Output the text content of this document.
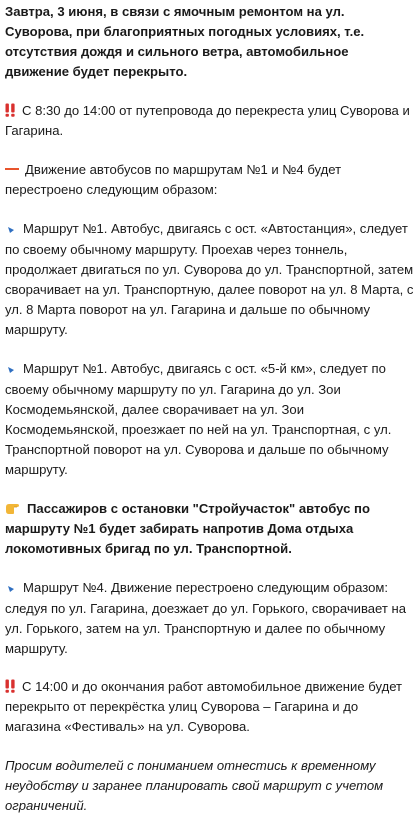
Завтра, 3 июня, в связи с ямочным ремонтом на ул. Суворова, при благоприятных погодных условиях, т.е. отсутствия дождя и сильного ветра, автомобильное движение будет перекрыто.

С 8:30 до 14:00 от путепровода до перекреста улиц Суворова и Гагарина.

Движение автобусов по маршрутам №1 и №4 будет перестроено следующим образом:

Маршрут №1. Автобус, двигаясь с ост. «Автостанция», следует по своему обычному маршруту. Проехав через тоннель, продолжает двигаться по ул. Суворова до ул. Транспортной, затем сворачивает на ул. Транспортную, далее поворот на ул. 8 Марта, с ул. 8 Марта поворот на ул. Гагарина и дальше по обычному маршруту.

Маршрут №1. Автобус, двигаясь с ост. «5-й км», следует по своему обычному маршруту по ул. Гагарина до ул. Зои Космодемьянской, далее сворачивает на ул. Зои Космодемьянской, проезжает по ней на ул. Транспортная, с ул. Транспортной поворот на ул. Суворова и дальше по обычному маршруту.

Пассажиров с остановки "Стройучасток" автобус по маршруту №1 будет забирать напротив Дома отдыха локомотивных бригад по ул. Транспортной.

Маршрут №4. Движение перестроено следующим образом: следуя по ул. Гагарина, доезжает до ул. Горького, сворачивает на ул. Горького, затем на ул. Транспортную и далее по обычному маршруту.

С 14:00 и до окончания работ автомобильное движение будет перекрыто от перекрёстка улиц Суворова – Гагарина и до магазина «Фестиваль» на ул. Суворова.

Просим водителей с пониманием отнестись к временному неудобству и заранее планировать свой маршрут с учетом ограничений.
